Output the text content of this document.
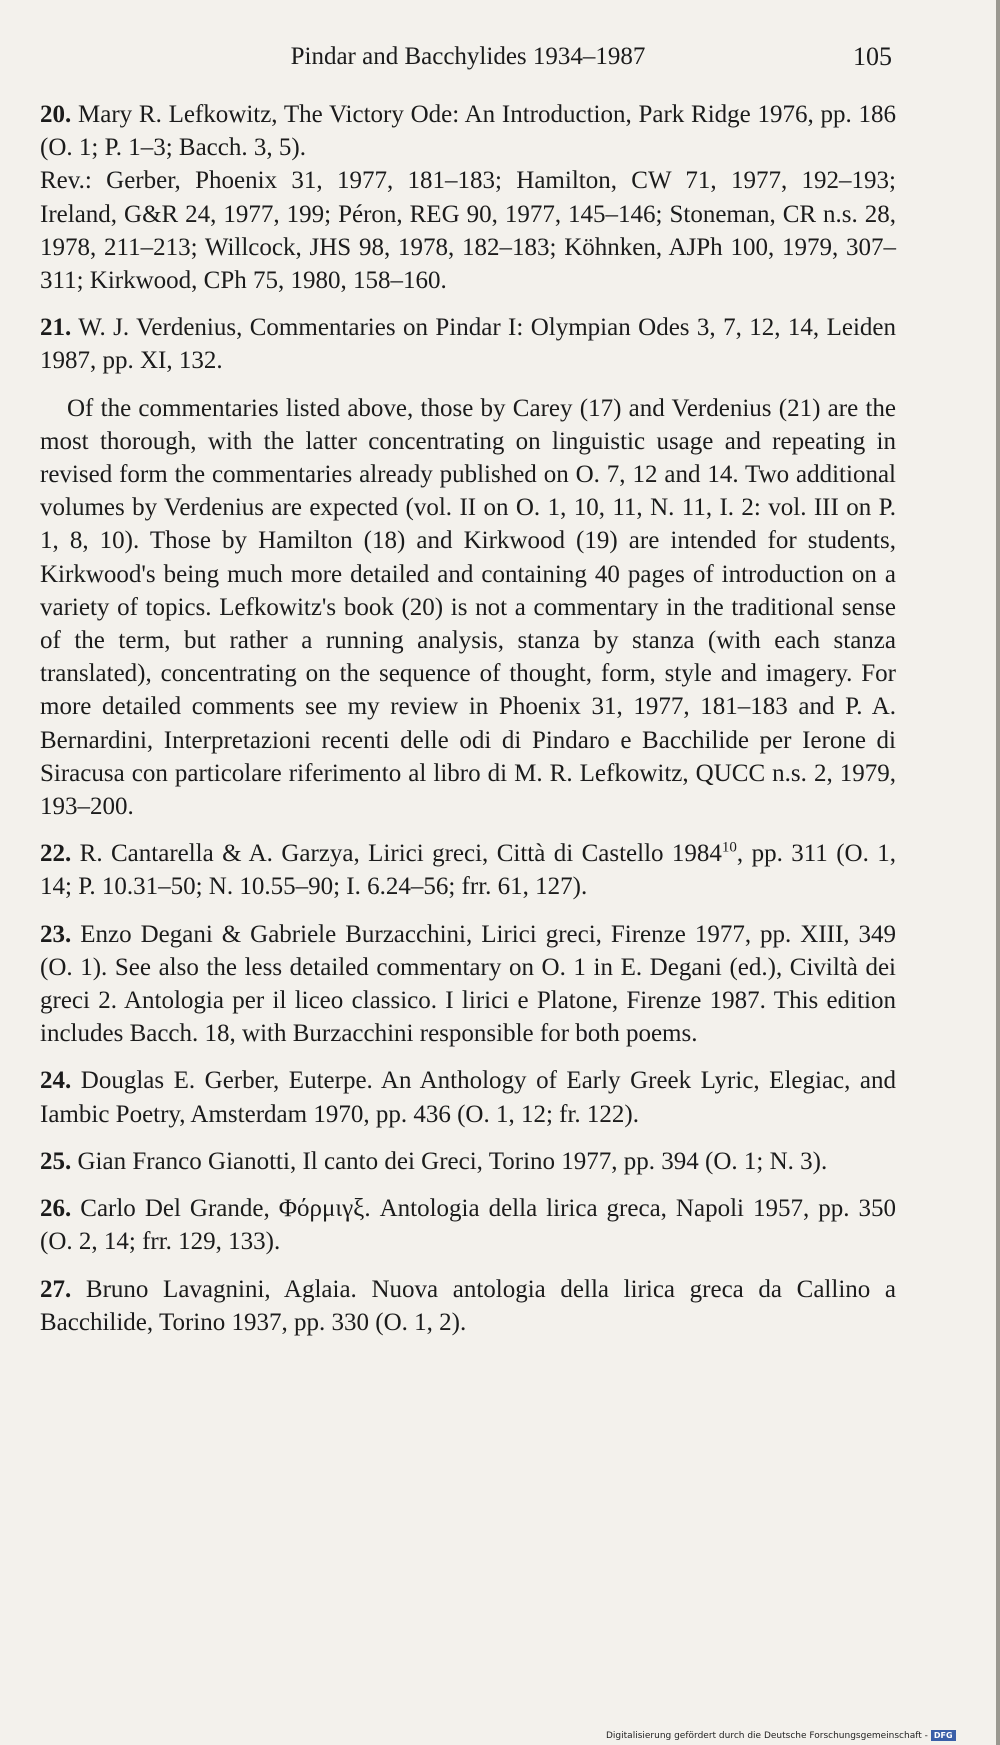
Pindar and Bacchylides 1934–1987	105
20. Mary R. Lefkowitz, The Victory Ode: An Introduction, Park Ridge 1976, pp. 186 (O. 1; P. 1–3; Bacch. 3, 5).
Rev.: Gerber, Phoenix 31, 1977, 181–183; Hamilton, CW 71, 1977, 192–193; Ireland, G&R 24, 1977, 199; Péron, REG 90, 1977, 145–146; Stoneman, CR n.s. 28, 1978, 211–213; Willcock, JHS 98, 1978, 182–183; Köhnken, AJPh 100, 1979, 307–311; Kirkwood, CPh 75, 1980, 158–160.
21. W. J. Verdenius, Commentaries on Pindar I: Olympian Odes 3, 7, 12, 14, Leiden 1987, pp. XI, 132.

Of the commentaries listed above, those by Carey (17) and Verdenius (21) are the most thorough, with the latter concentrating on linguistic usage and repeating in revised form the commentaries already published on O. 7, 12 and 14. Two additional volumes by Verdenius are expected (vol. II on O. 1, 10, 11, N. 11, I. 2: vol. III on P. 1, 8, 10). Those by Hamilton (18) and Kirkwood (19) are intended for students, Kirkwood's being much more detailed and containing 40 pages of introduction on a variety of topics. Lefkowitz's book (20) is not a commentary in the traditional sense of the term, but rather a running analysis, stanza by stanza (with each stanza translated), concentrating on the sequence of thought, form, style and imagery. For more detailed comments see my review in Phoenix 31, 1977, 181–183 and P. A. Bernardini, Interpretazioni recenti delle odi di Pindaro e Bacchilide per Ierone di Siracusa con particolare riferimento al libro di M. R. Lefkowitz, QUCC n.s. 2, 1979, 193–200.

22. R. Cantarella & A. Garzya, Lirici greci, Città di Castello 1984$^{10}$, pp. 311 (O. 1, 14; P. 10.31–50; N. 10.55–90; I. 6.24–56; frr. 61, 127).
23. Enzo Degani & Gabriele Burzacchini, Lirici greci, Firenze 1977, pp. XIII, 349 (O. 1). See also the less detailed commentary on O. 1 in E. Degani (ed.), Civiltà dei greci 2. Antologia per il liceo classico. I lirici e Platone, Firenze 1987. This edition includes Bacch. 18, with Burzacchini responsible for both poems.
24. Douglas E. Gerber, Euterpe. An Anthology of Early Greek Lyric, Elegiac, and Iambic Poetry, Amsterdam 1970, pp. 436 (O. 1, 12; fr. 122).
25. Gian Franco Gianotti, Il canto dei Greci, Torino 1977, pp. 394 (O. 1; N. 3).
26. Carlo Del Grande, Φόρμιγξ. Antologia della lirica greca, Napoli 1957, pp. 350 (O. 2, 14; frr. 129, 133).
27. Bruno Lavagnini, Aglaia. Nuova antologia della lirica greca da Callino a Bacchilide, Torino 1937, pp. 330 (O. 1, 2).
Digitalisierung gefördert durch die Deutsche Forschungsgemeinschaft - DFG
